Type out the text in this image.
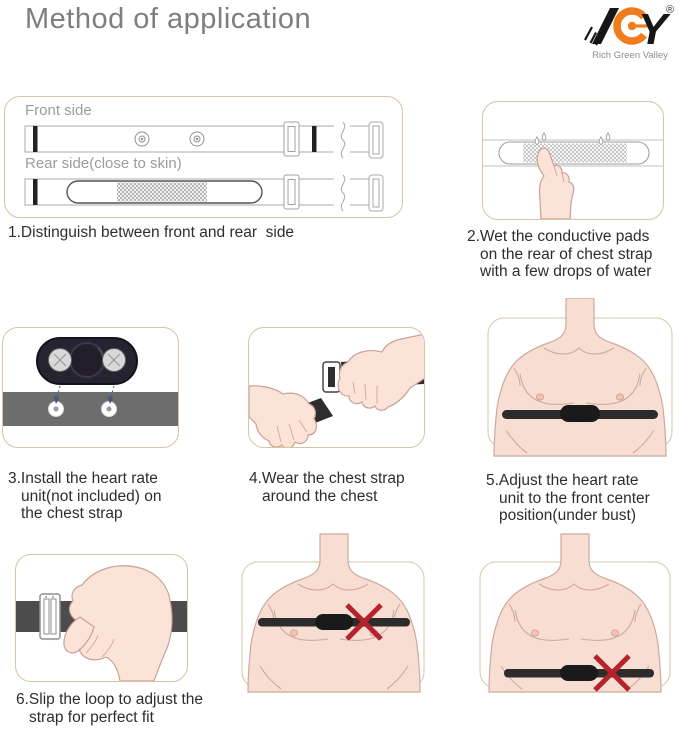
Method of application	Y
®
Rich Green Valley
Front side
Rear side(close to skin)
1.Distinguish between front and rear  side	2.Wet the conductive pads
on the rear of chest strap
with a few drops of water
3.Install the heart rate
unit(not included) on
the chest strap
4.Wear the chest strap
around the chest
5.Adjust the heart rate
unit to the front center
position(under bust)
6.Slip the loop to adjust the
strap for perfect fit
